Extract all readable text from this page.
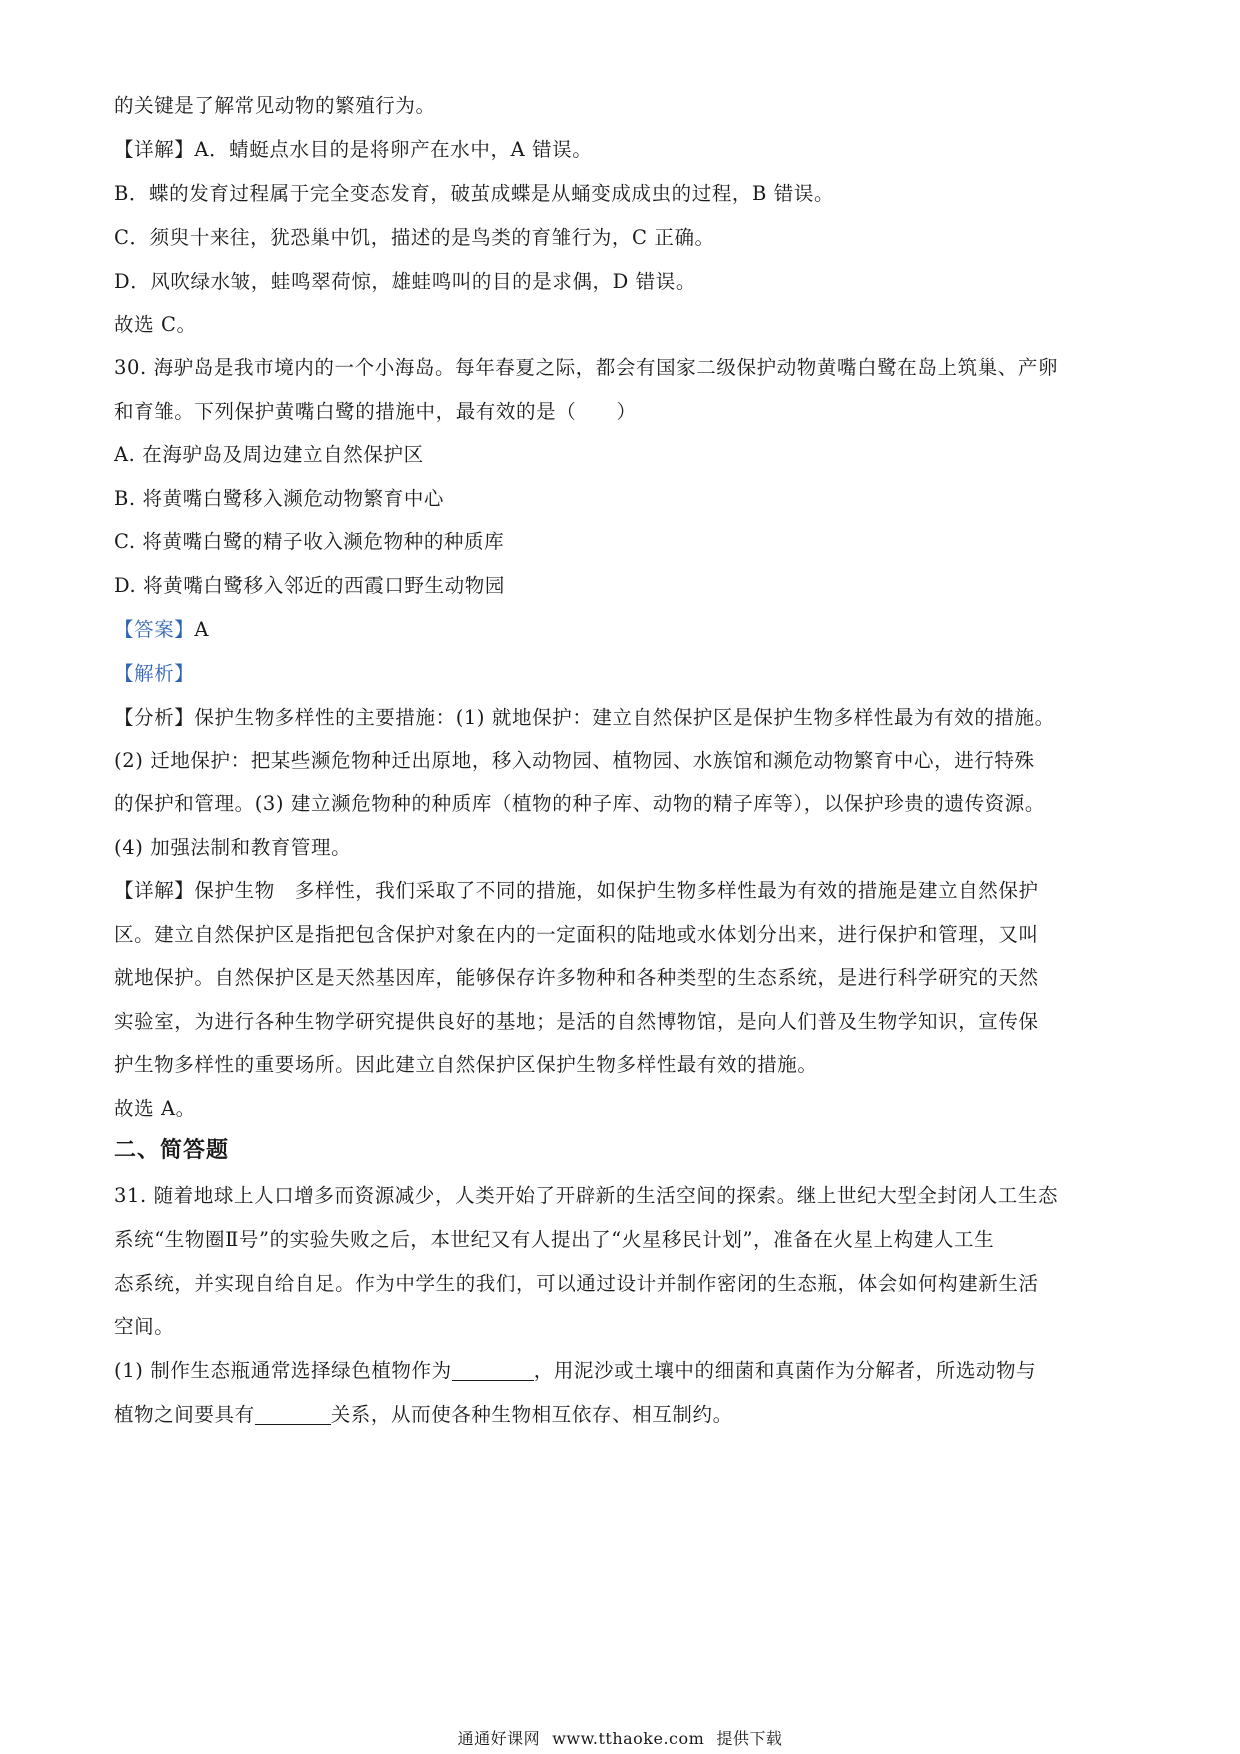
的关键是了解常见动物的繁殖行为。
【详解】A．蜻蜓点水目的是将卵产在水中，A 错误。
B．蝶的发育过程属于完全变态发育，破茧成蝶是从蛹变成成虫的过程，B 错误。
C．须臾十来往，犹恐巢中饥，描述的是鸟类的育雏行为，C 正确。
D．风吹绿水皱，蛙鸣翠荷惊，雄蛙鸣叫的目的是求偶，D 错误。
故选 C。
30. 海驴岛是我市境内的一个小海岛。每年春夏之际，都会有国家二级保护动物黄嘴白鹭在岛上筑巢、产卵
和育雏。下列保护黄嘴白鹭的措施中，最有效的是（　　）
A. 在海驴岛及周边建立自然保护区
B. 将黄嘴白鹭移入濒危动物繁育中心
C. 将黄嘴白鹭的精子收入濒危物种的种质库
D. 将黄嘴白鹭移入邻近的西霞口野生动物园
【答案】A
【解析】
【分析】保护生物多样性的主要措施：(1) 就地保护：建立自然保护区是保护生物多样性最为有效的措施。
(2) 迁地保护：把某些濒危物种迁出原地，移入动物园、植物园、水族馆和濒危动物繁育中心，进行特殊
的保护和管理。(3) 建立濒危物种的种质库（植物的种子库、动物的精子库等），以保护珍贵的遗传资源。
(4) 加强法制和教育管理。
【详解】保护生物　多样性，我们采取了不同的措施，如保护生物多样性最为有效的措施是建立自然保护
区。建立自然保护区是指把包含保护对象在内的一定面积的陆地或水体划分出来，进行保护和管理，又叫
就地保护。自然保护区是天然基因库，能够保存许多物种和各种类型的生态系统，是进行科学研究的天然
实验室，为进行各种生物学研究提供良好的基地；是活的自然博物馆，是向人们普及生物学知识，宣传保
护生物多样性的重要场所。因此建立自然保护区保护生物多样性最有效的措施。
故选 A。
二、简答题
31. 随着地球上人口增多而资源减少，人类开始了开辟新的生活空间的探索。继上世纪大型全封闭人工生态
系统“生物圈Ⅱ号”的实验失败之后，本世纪又有人提出了“火星移民计划”，准备在火星上构建人工生
态系统，并实现自给自足。作为中学生的我们，可以通过设计并制作密闭的生态瓶，体会如何构建新生活
空间。
(1) 制作生态瓶通常选择绿色植物作为	，用泥沙或土壤中的细菌和真菌作为分解者，所选动物与
植物之间要具有	关系，从而使各种生物相互依存、相互制约。
通通好课网 www.tthaoke.com 提供下载
